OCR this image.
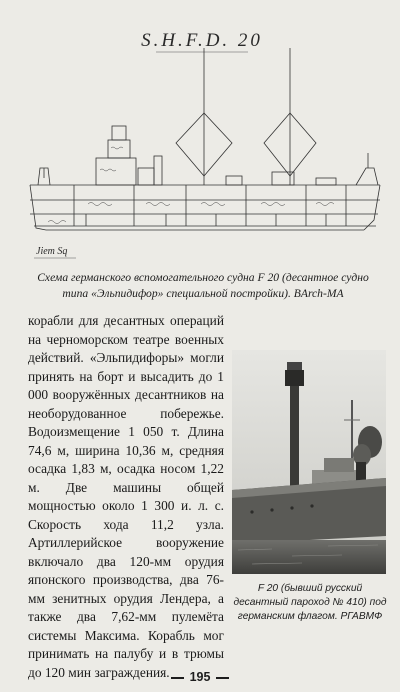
S.H.F.D. 20
Jiem Sq
Схема германского вспомогательного судна F 20 (десантное судно типа «Эльпидифор» специальной постройки). BArch-MA

корабли для десантных операций на черноморском театре военных действий. «Эльпидифоры» могли принять на борт и высадить до 1 000 вооружённых десантников на необорудованное побережье. Водоизмещение 1 050 т. Длина 74,6 м, ширина 10,36 м, средняя осадка 1,83 м, осадка носом 1,22 м. Две машины общей мощностью около 1 300 и. л. с. Скорость хода 11,2 узла. Артиллерийское вооружение включало два 120-мм орудия японского производства, два 76-мм зенитных орудия Лендера, а также два 7,62-мм пулемёта системы Максима. Корабль мог принимать на палубу и в трюмы до 120 мин заграждения.

F 20 (бывший русский десантный пароход № 410) под германским флагом. РГАВМФ
195
